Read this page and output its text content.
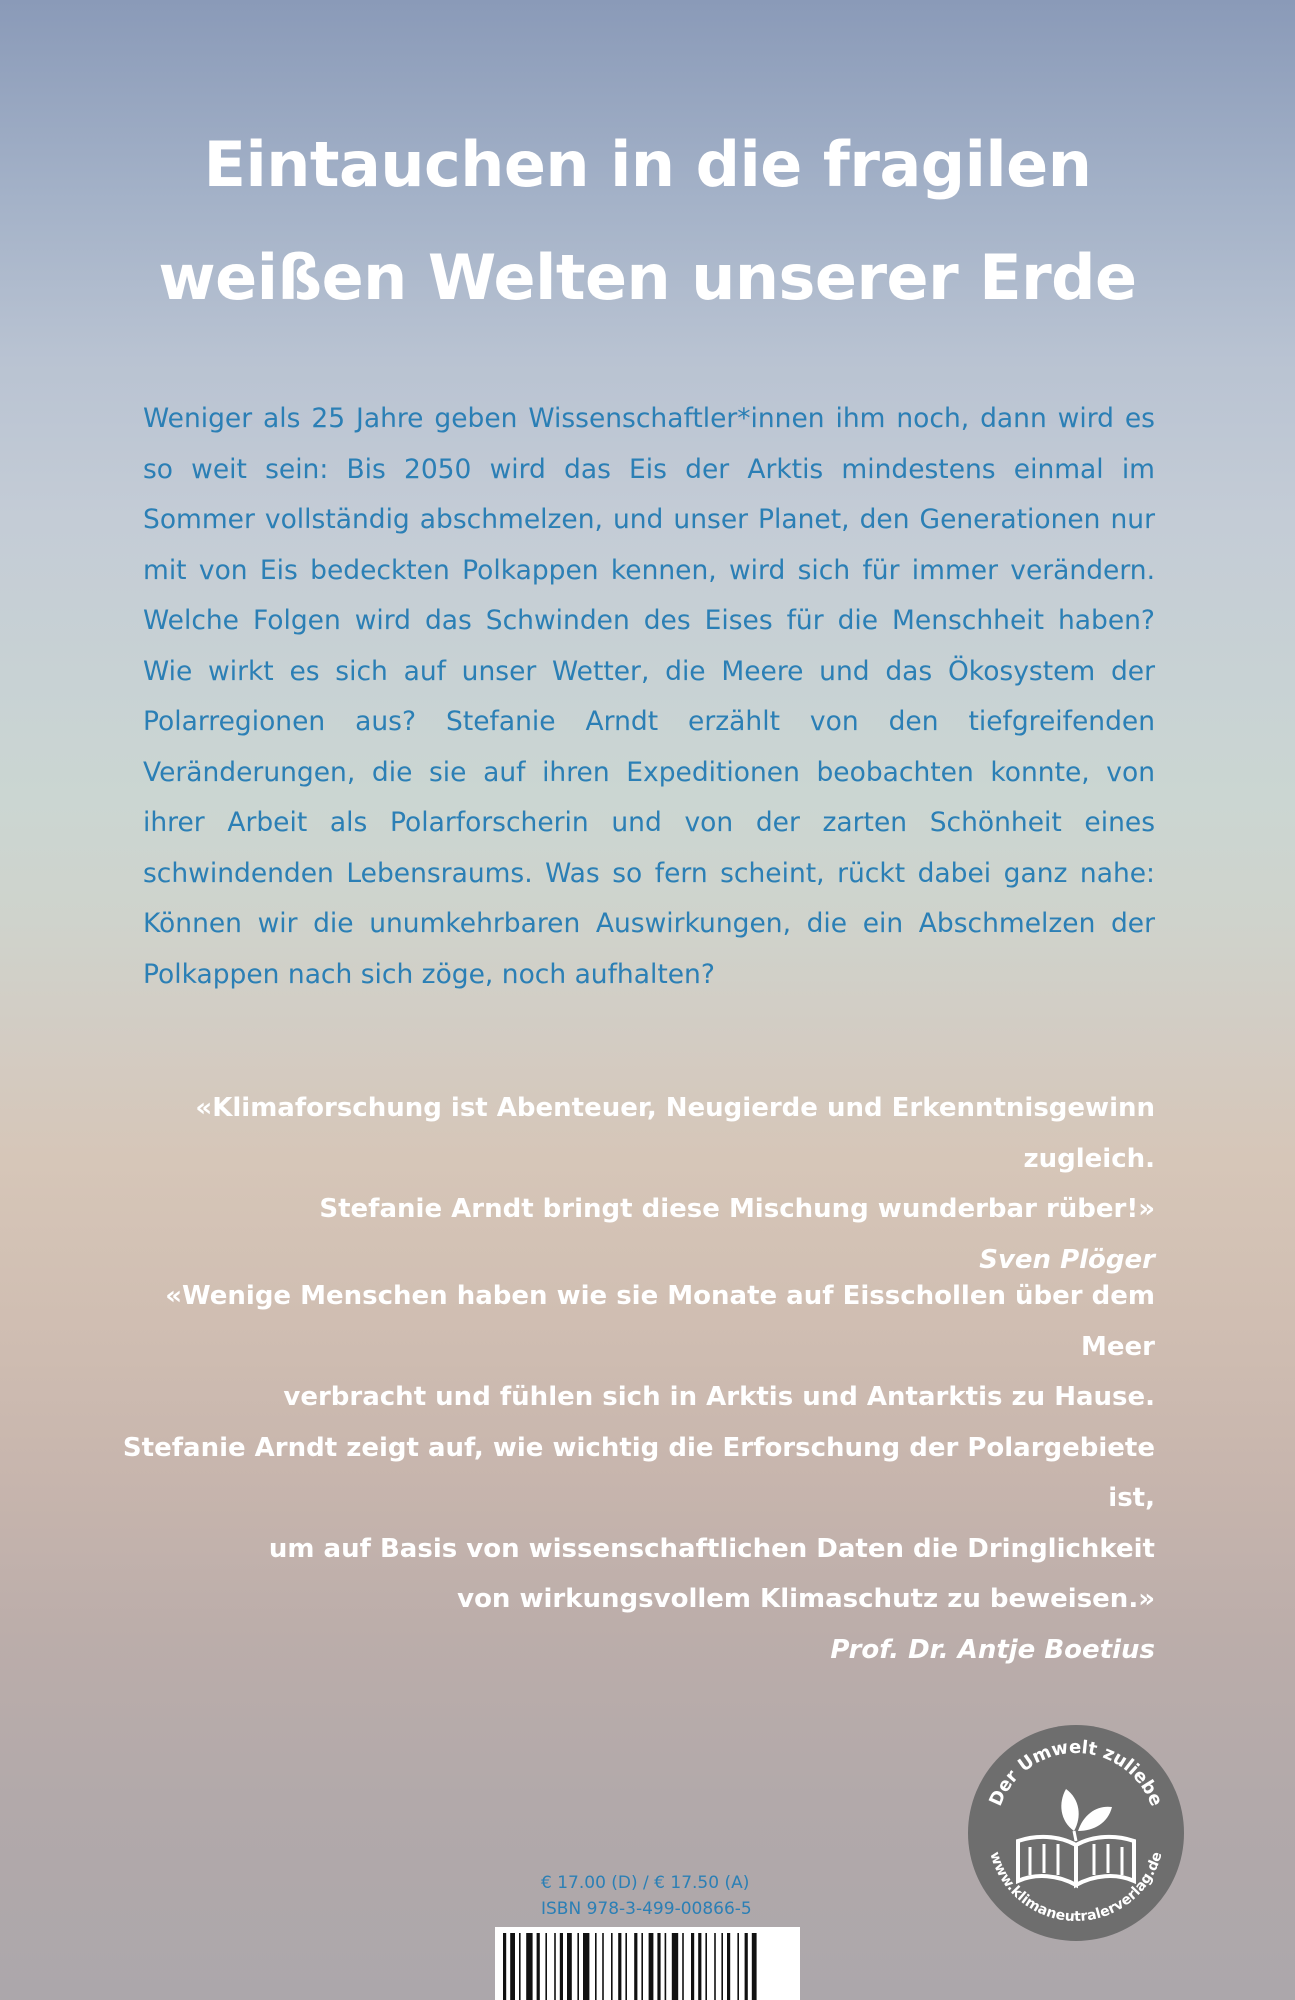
Eintauchen in die fragilen
weißen Welten unserer Erde

Weniger als 25 Jahre geben Wissenschaftler*innen ihm noch, dann wird es so weit sein: Bis 2050 wird das Eis der Arktis mindestens einmal im Sommer vollständig abschmelzen, und unser Planet, den Generationen nur mit von Eis bedeckten Polkappen kennen, wird sich für immer verändern. Welche Folgen wird das Schwinden des Eises für die Menschheit haben? Wie wirkt es sich auf unser Wetter, die Meere und das Ökosystem der Polarregionen aus? Stefanie Arndt erzählt von den tiefgreifenden Veränderungen, die sie auf ihren Expeditionen beobachten konnte, von ihrer Arbeit als Polarforscherin und von der zarten Schönheit eines schwindenden Lebensraums. Was so fern scheint, rückt dabei ganz nahe: Können wir die unumkehrbaren Auswirkungen, die ein Abschmelzen der Polkappen nach sich zöge, noch aufhalten?

«Klimaforschung ist Abenteuer, Neugierde und Erkenntnisgewinn zugleich.
Stefanie Arndt bringt diese Mischung wunderbar rüber!»
Sven Plöger
«Wenige Menschen haben wie sie Monate auf Eisschollen über dem Meer
verbracht und fühlen sich in Arktis und Antarktis zu Hause.
Stefanie Arndt zeigt auf, wie wichtig die Erforschung der Polargebiete ist,
um auf Basis von wissenschaftlichen Daten die Dringlichkeit
von wirkungsvollem Klimaschutz zu beweisen.»
Prof. Dr. Antje Boetius
Der Umwelt zuliebe
www.klimaneutralerverlag.de
€ 17.00 (D) / € 17.50 (A)
ISBN 978-3-499-00866-5
